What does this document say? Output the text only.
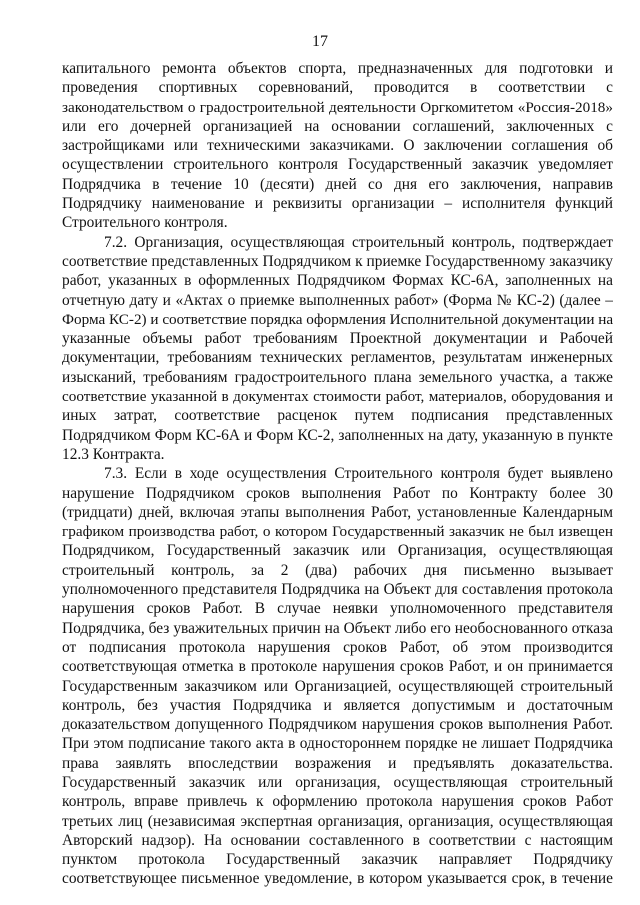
17
капитального ремонта объектов спорта, предназначенных для подготовки и
проведения спортивных соревнований, проводится в соответствии с
законодательством о градостроительной деятельности Оргкомитетом «Россия-2018»
или его дочерней организацией на основании соглашений, заключенных с
застройщиками или техническими заказчиками. О заключении соглашения об
осуществлении строительного контроля Государственный заказчик уведомляет
Подрядчика в течение 10 (десяти) дней со дня его заключения, направив
Подрядчику наименование и реквизиты организации – исполнителя функций
Строительного контроля.
7.2. Организация, осуществляющая строительный контроль, подтверждает
соответствие представленных Подрядчиком к приемке Государственному заказчику
работ, указанных в оформленных Подрядчиком Формах КС-6А, заполненных на
отчетную дату и «Актах о приемке выполненных работ» (Форма № КС-2) (далее –
Форма КС-2) и соответствие порядка оформления Исполнительной документации на
указанные объемы работ требованиям Проектной документации и Рабочей
документации, требованиям технических регламентов, результатам инженерных
изысканий, требованиям градостроительного плана земельного участка, а также
соответствие указанной в документах стоимости работ, материалов, оборудования и
иных затрат, соответствие расценок путем подписания представленных
Подрядчиком Форм КС-6А и Форм КС-2, заполненных на дату, указанную в пункте
12.3 Контракта.
7.3. Если в ходе осуществления Строительного контроля будет выявлено
нарушение Подрядчиком сроков выполнения Работ по Контракту более 30
(тридцати) дней, включая этапы выполнения Работ, установленные Календарным
графиком производства работ, о котором Государственный заказчик не был извещен
Подрядчиком, Государственный заказчик или Организация, осуществляющая
строительный контроль, за 2 (два) рабочих дня письменно вызывает
уполномоченного представителя Подрядчика на Объект для составления протокола
нарушения сроков Работ. В случае неявки уполномоченного представителя
Подрядчика, без уважительных причин на Объект либо его необоснованного отказа
от подписания протокола нарушения сроков Работ, об этом производится
соответствующая отметка в протоколе нарушения сроков Работ, и он принимается
Государственным заказчиком или Организацией, осуществляющей строительный
контроль, без участия Подрядчика и является допустимым и достаточным
доказательством допущенного Подрядчиком нарушения сроков выполнения Работ.
При этом подписание такого акта в одностороннем порядке не лишает Подрядчика
права заявлять впоследствии возражения и предъявлять доказательства.
Государственный заказчик или организация, осуществляющая строительный
контроль, вправе привлечь к оформлению протокола нарушения сроков Работ
третьих лиц (независимая экспертная организация, организация, осуществляющая
Авторский надзор). На основании составленного в соответствии с настоящим
пунктом протокола Государственный заказчик направляет Подрядчику
соответствующее письменное уведомление, в котором указывается срок, в течение
